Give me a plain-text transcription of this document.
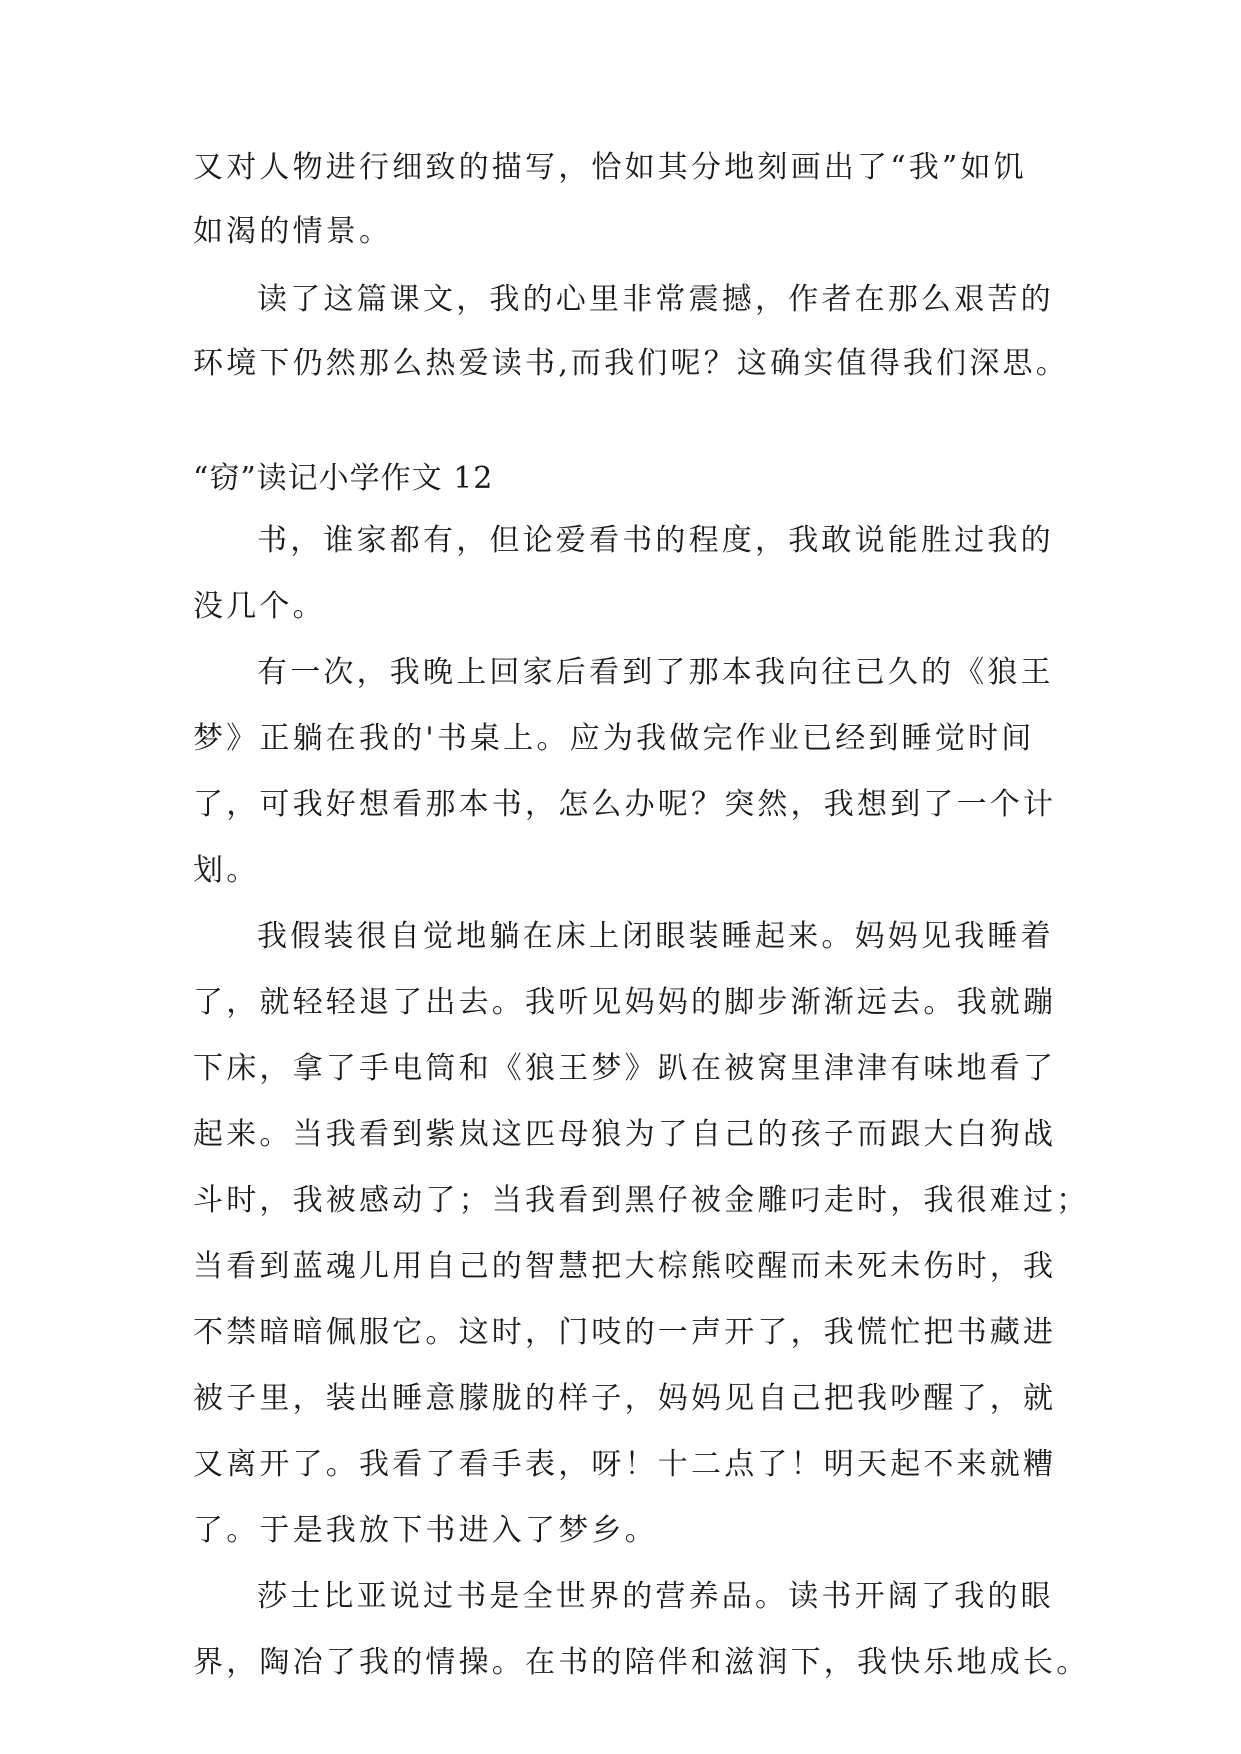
又对人物进行细致的描写，恰如其分地刻画出了“我”如饥
如渴的情景。
读了这篇课文，我的心里非常震撼，作者在那么艰苦的
环境下仍然那么热爱读书,而我们呢？这确实值得我们深思。
“窃”读记小学作文 12
书，谁家都有，但论爱看书的程度，我敢说能胜过我的
没几个。
有一次，我晚上回家后看到了那本我向往已久的《狼王
梦》正躺在我的'书桌上。应为我做完作业已经到睡觉时间
了，可我好想看那本书，怎么办呢？突然，我想到了一个计
划。
我假装很自觉地躺在床上闭眼装睡起来。妈妈见我睡着
了，就轻轻退了出去。我听见妈妈的脚步渐渐远去。我就蹦
下床，拿了手电筒和《狼王梦》趴在被窝里津津有味地看了
起来。当我看到紫岚这匹母狼为了自己的孩子而跟大白狗战
斗时，我被感动了；当我看到黑仔被金雕叼走时，我很难过；
当看到蓝魂儿用自己的智慧把大棕熊咬醒而未死未伤时，我
不禁暗暗佩服它。这时，门吱的一声开了，我慌忙把书藏进
被子里，装出睡意朦胧的样子，妈妈见自己把我吵醒了，就
又离开了。我看了看手表，呀！十二点了！明天起不来就糟
了。于是我放下书进入了梦乡。
莎士比亚说过书是全世界的营养品。读书开阔了我的眼
界，陶冶了我的情操。在书的陪伴和滋润下，我快乐地成长。
